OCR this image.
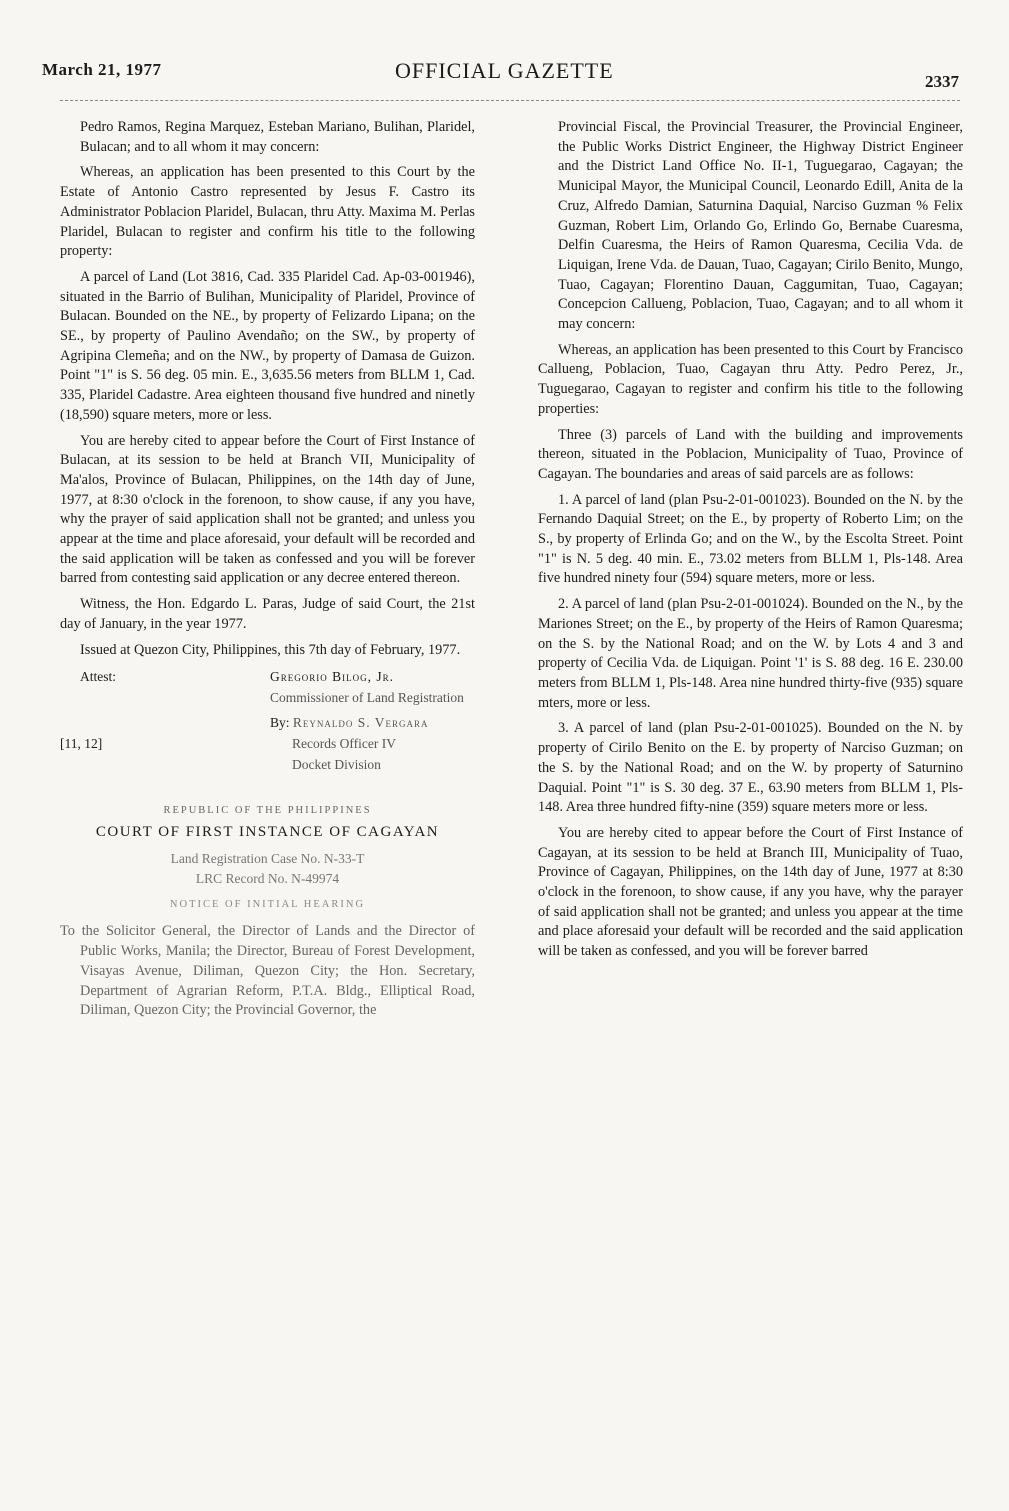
March 21, 1977	OFFICIAL GAZETTE	2337

Pedro Ramos, Regina Marquez, Esteban Mariano, Bulihan, Plaridel, Bulacan; and to all whom it may concern:

Whereas, an application has been presented to this Court by the Estate of Antonio Castro represented by Jesus F. Castro its Administrator Poblacion Plaridel, Bulacan, thru Atty. Maxima M. Perlas Plaridel, Bulacan to register and confirm his title to the following property:

A parcel of Land (Lot 3816, Cad. 335 Plaridel Cad. Ap-03-001946), situated in the Barrio of Bulihan, Municipality of Plaridel, Province of Bulacan. Bounded on the NE., by property of Felizardo Lipana; on the SE., by property of Paulino Avendaño; on the SW., by property of Agripina Clemeña; and on the NW., by property of Damasa de Guizon. Point "1" is S. 56 deg. 05 min. E., 3,635.56 meters from BLLM 1, Cad. 335, Plaridel Cadastre. Area eighteen thousand five hundred and ninetly (18,590) square meters, more or less.

You are hereby cited to appear before the Court of First Instance of Bulacan, at its session to be held at Branch VII, Municipality of Ma'alos, Province of Bulacan, Philippines, on the 14th day of June, 1977, at 8:30 o'clock in the forenoon, to show cause, if any you have, why the prayer of said application shall not be granted; and unless you appear at the time and place aforesaid, your default will be recorded and the said application will be taken as confessed and you will be forever barred from contesting said application or any decree entered thereon.

Witness, the Hon. Edgardo L. Paras, Judge of said Court, the 21st day of January, in the year 1977.

Issued at Quezon City, Philippines, this 7th day of February, 1977.

Attest:	Gregorio Bilog, Jr.
Commissioner of Land Registration
By: Reynaldo S. Vergara
[11, 12]	Records Officer IV
Docket Division
REPUBLIC OF THE PHILIPPINES
COURT OF FIRST INSTANCE OF CAGAYAN
Land Registration Case No. N-33-T
LRC Record No. N-49974
NOTICE OF INITIAL HEARING

To the Solicitor General, the Director of Lands and the Director of Public Works, Manila; the Director, Bureau of Forest Development, Visayas Avenue, Diliman, Quezon City; the Hon. Secretary, Department of Agrarian Reform, P.T.A. Bldg., Elliptical Road, Diliman, Quezon City; the Provincial Governor, the

Provincial Fiscal, the Provincial Treasurer, the Provincial Engineer, the Public Works District Engineer, the Highway District Engineer and the District Land Office No. II-1, Tuguegarao, Cagayan; the Municipal Mayor, the Municipal Council, Leonardo Edill, Anita de la Cruz, Alfredo Damian, Saturnina Daquial, Narciso Guzman % Felix Guzman, Robert Lim, Orlando Go, Erlindo Go, Bernabe Cuaresma, Delfin Cuaresma, the Heirs of Ramon Quaresma, Cecilia Vda. de Liquigan, Irene Vda. de Dauan, Tuao, Cagayan; Cirilo Benito, Mungo, Tuao, Cagayan; Florentino Dauan, Caggumitan, Tuao, Cagayan; Concepcion Callueng, Poblacion, Tuao, Cagayan; and to all whom it may concern:

Whereas, an application has been presented to this Court by Francisco Callueng, Poblacion, Tuao, Cagayan thru Atty. Pedro Perez, Jr., Tuguegarao, Cagayan to register and confirm his title to the following properties:

Three (3) parcels of Land with the building and improvements thereon, situated in the Poblacion, Municipality of Tuao, Province of Cagayan. The boundaries and areas of said parcels are as follows:

1. A parcel of land (plan Psu-2-01-001023). Bounded on the N. by the Fernando Daquial Street; on the E., by property of Roberto Lim; on the S., by property of Erlinda Go; and on the W., by the Escolta Street. Point "1" is N. 5 deg. 40 min. E., 73.02 meters from BLLM 1, Pls-148. Area five hundred ninety four (594) square meters, more or less.

2. A parcel of land (plan Psu-2-01-001024). Bounded on the N., by the Mariones Street; on the E., by property of the Heirs of Ramon Quaresma; on the S. by the National Road; and on the W. by Lots 4 and 3 and property of Cecilia Vda. de Liquigan. Point '1' is S. 88 deg. 16 E. 230.00 meters from BLLM 1, Pls-148. Area nine hundred thirty-five (935) square mters, more or less.

3. A parcel of land (plan Psu-2-01-001025). Bounded on the N. by property of Cirilo Benito on the E. by property of Narciso Guzman; on the S. by the National Road; and on the W. by property of Saturnino Daquial. Point "1" is S. 30 deg. 37 E., 63.90 meters from BLLM 1, Pls-148. Area three hundred fifty-nine (359) square meters more or less.

You are hereby cited to appear before the Court of First Instance of Cagayan, at its session to be held at Branch III, Municipality of Tuao, Province of Cagayan, Philippines, on the 14th day of June, 1977 at 8:30 o'clock in the forenoon, to show cause, if any you have, why the parayer of said application shall not be granted; and unless you appear at the time and place aforesaid your default will be recorded and the said application will be taken as confessed, and you will be forever barred
